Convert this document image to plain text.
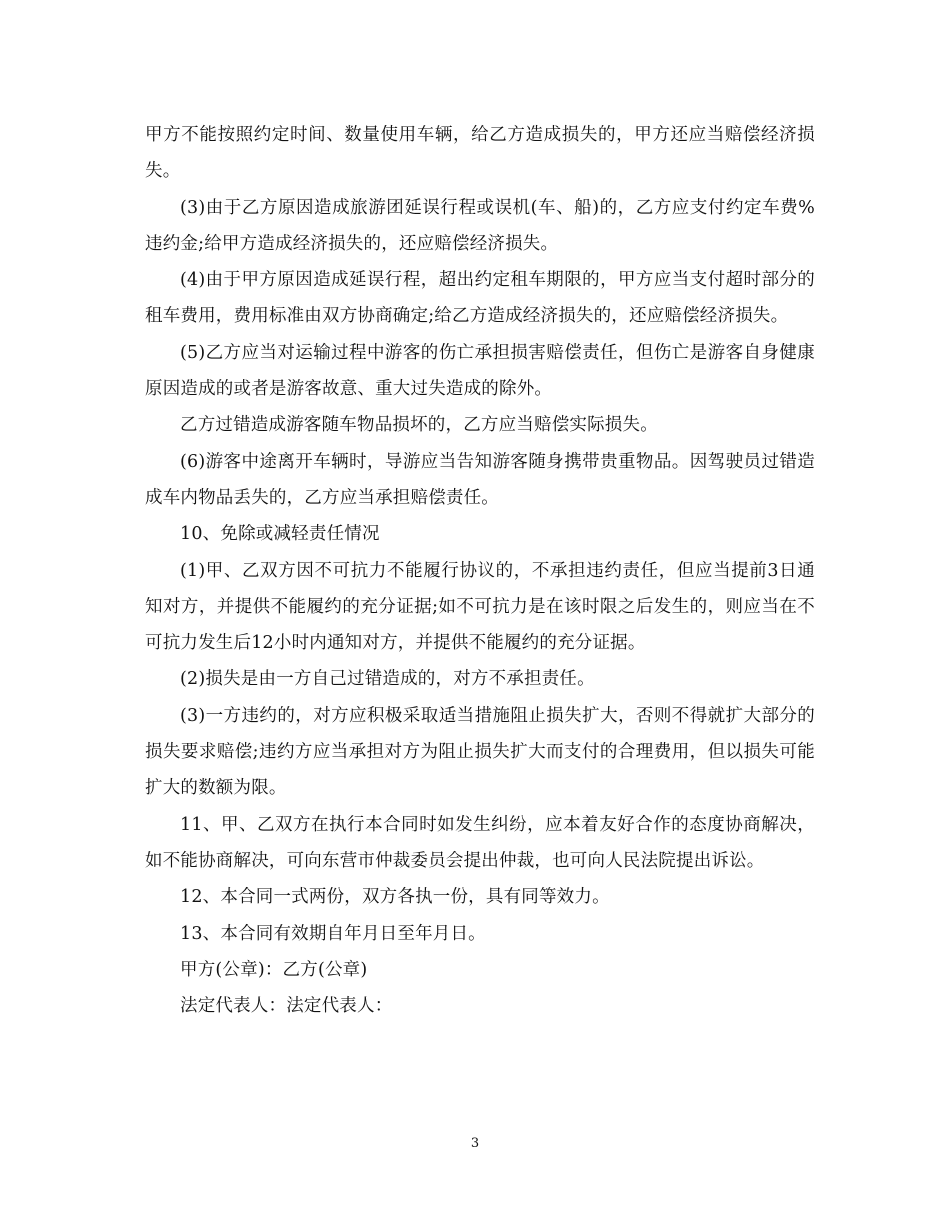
甲方不能按照约定时间、数量使用车辆，给乙方造成损失的，甲方还应当赔偿经济损失。

(3)由于乙方原因造成旅游团延误行程或误机(车、船)的，乙方应支付约定车费%违约金;给甲方造成经济损失的，还应赔偿经济损失。

(4)由于甲方原因造成延误行程，超出约定租车期限的，甲方应当支付超时部分的租车费用，费用标准由双方协商确定;给乙方造成经济损失的，还应赔偿经济损失。

(5)乙方应当对运输过程中游客的伤亡承担损害赔偿责任，但伤亡是游客自身健康原因造成的或者是游客故意、重大过失造成的除外。

乙方过错造成游客随车物品损坏的，乙方应当赔偿实际损失。

(6)游客中途离开车辆时，导游应当告知游客随身携带贵重物品。因驾驶员过错造成车内物品丢失的，乙方应当承担赔偿责任。

10、免除或减轻责任情况

(1)甲、乙双方因不可抗力不能履行协议的，不承担违约责任，但应当提前3日通知对方，并提供不能履约的充分证据;如不可抗力是在该时限之后发生的，则应当在不可抗力发生后12小时内通知对方，并提供不能履约的充分证据。

(2)损失是由一方自己过错造成的，对方不承担责任。

(3)一方违约的，对方应积极采取适当措施阻止损失扩大，否则不得就扩大部分的损失要求赔偿;违约方应当承担对方为阻止损失扩大而支付的合理费用，但以损失可能扩大的数额为限。

11、甲、乙双方在执行本合同时如发生纠纷，应本着友好合作的态度协商解决，如不能协商解决，可向东营市仲裁委员会提出仲裁，也可向人民法院提出诉讼。

12、本合同一式两份，双方各执一份，具有同等效力。

13、本合同有效期自年月日至年月日。

甲方(公章)：乙方(公章)

法定代表人：法定代表人：

3
